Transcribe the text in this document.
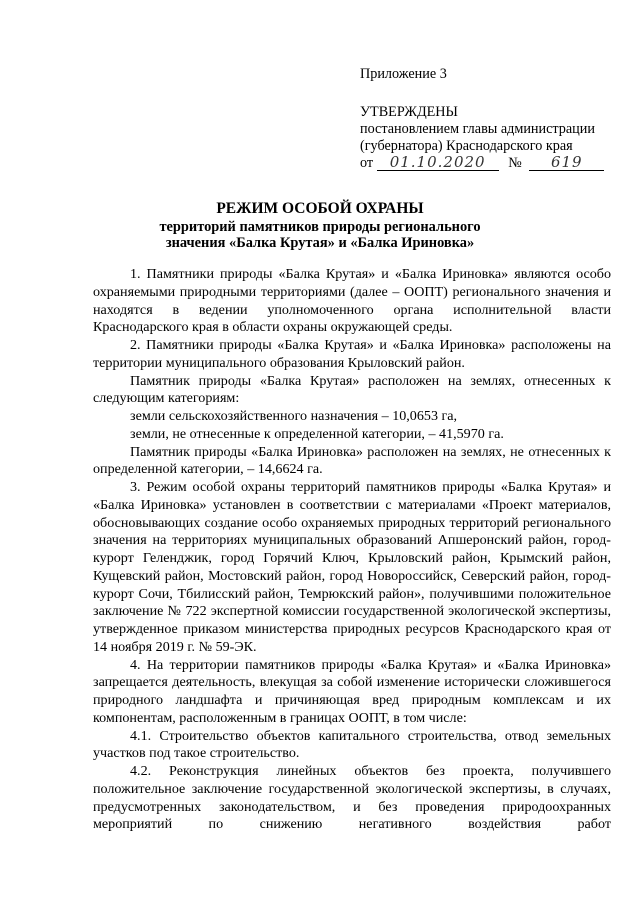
Приложение 3
УТВЕРЖДЕНЫ
постановлением главы администрации
(губернатора) Краснодарского края
от 01.10.2020 № 619
РЕЖИМ ОСОБОЙ ОХРАНЫ
территорий памятников природы регионального
значения «Балка Крутая» и «Балка Ириновка»

1. Памятники природы «Балка Крутая» и «Балка Ириновка» являются особо охраняемыми природными территориями (далее – ООПТ) регионального значения и находятся в ведении уполномоченного органа исполнительной власти Краснодарского края в области охраны окружающей среды.

2. Памятники природы «Балка Крутая» и «Балка Ириновка» расположены на территории муниципального образования Крыловский район.

Памятник природы «Балка Крутая» расположен на землях, отнесенных к следующим категориям:

земли сельскохозяйственного назначения – 10,0653 га,

земли, не отнесенные к определенной категории, – 41,5970 га.

Памятник природы «Балка Ириновка» расположен на землях, не отнесенных к определенной категории, – 14,6624 га.

3. Режим особой охраны территорий памятников природы «Балка Крутая» и «Балка Ириновка» установлен в соответствии с материалами «Проект материалов, обосновывающих создание особо охраняемых природных территорий регионального значения на территориях муниципальных образований Апшеронский район, город-курорт Геленджик, город Горячий Ключ, Крыловский район, Крымский район, Кущевский район, Мостовский район, город Новороссийск, Северский район, город-курорт Сочи, Тбилисский район, Темрюкский район», получившими положительное заключение № 722 экспертной комиссии государственной экологической экспертизы, утвержденное приказом министерства природных ресурсов Краснодарского края от 14 ноября 2019 г. № 59-ЭК.

4. На территории памятников природы «Балка Крутая» и «Балка Ириновка» запрещается деятельность, влекущая за собой изменение исторически сложившегося природного ландшафта и причиняющая вред природным комплексам и их компонентам, расположенным в границах ООПТ, в том числе:

4.1. Строительство объектов капитального строительства, отвод земельных участков под такое строительство.

4.2. Реконструкция линейных объектов без проекта, получившего положительное заключение государственной экологической экспертизы, в случаях, предусмотренных законодательством, и без проведения природоохранных мероприятий по снижению негативного воздействия работ
